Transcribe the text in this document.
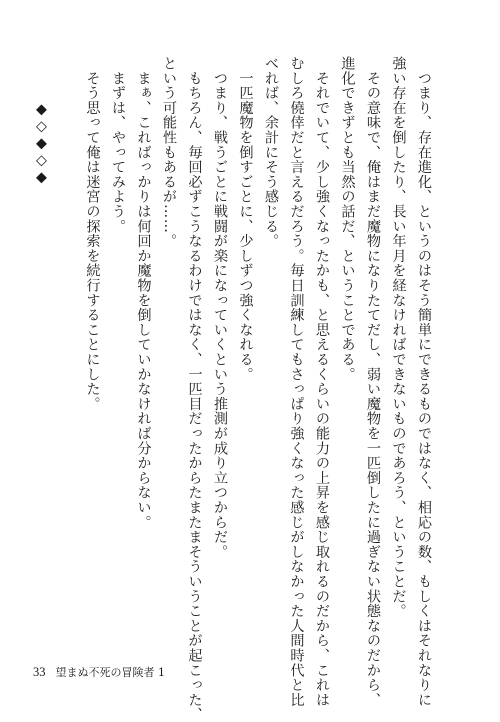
　つまり、存在進化、というのはそう簡単にできるものではなく、相応の数、もしくはそれなりに
強い存在を倒したり、長い年月を経なければできないものであろう、ということだ。
　その意味で、俺はまだ魔物になりたてだし、弱い魔物を一匹倒したに過ぎない状態なのだから、
進化できずとも当然の話だ、ということである。
　それでいて、少し強くなったかも、と思えるくらいの能力の上昇を感じ取れるのだから、これは
むしろ僥倖だと言えるだろう。毎日訓練してもさっぱり強くなった感じがしなかった人間時代と比
べれば、余計にそう感じる。
　一匹魔物を倒すごとに、少しずつ強くなれる。
　つまり、戦うごとに戦闘が楽になっていくという推測が成り立つからだ。
　もちろん、毎回必ずこうなるわけではなく、一匹目だったからたまたまそういうことが起こった、
という可能性もあるが……。
　まぁ、こればっかりは何回か魔物を倒していかなければ分からない。
　まずは、やってみよう。
　そう思って俺は迷宮の探索を続行することにした。

　　　◆◇◆◇◆

33 望まぬ不死の冒険者 1
